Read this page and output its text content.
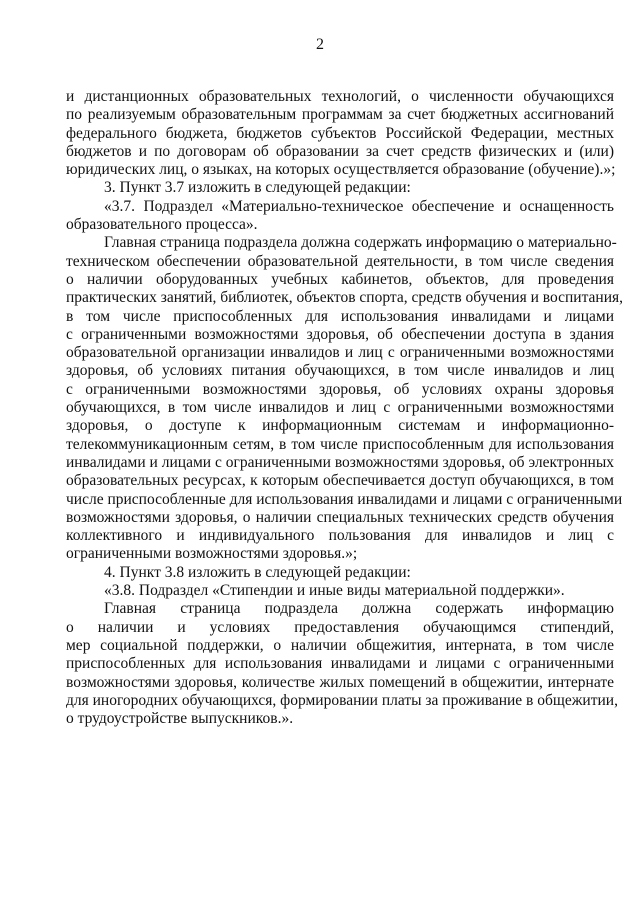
2
и дистанционных образовательных технологий, о численности обучающихся
по реализуемым образовательным программам за счет бюджетных ассигнований
федерального бюджета, бюджетов субъектов Российской Федерации, местных
бюджетов и по договорам об образовании за счет средств физических и (или)
юридических лиц, о языках, на которых осуществляется образование (обучение).»;
3. Пункт 3.7 изложить в следующей редакции:
«3.7. Подраздел «Материально-техническое обеспечение и оснащенность
образовательного процесса».
Главная страница подраздела должна содержать информацию о материально-
техническом обеспечении образовательной деятельности, в том числе сведения
о наличии оборудованных учебных кабинетов, объектов, для проведения
практических занятий, библиотек, объектов спорта, средств обучения и воспитания,
в том числе приспособленных для использования инвалидами и лицами
с ограниченными возможностями здоровья, об обеспечении доступа в здания
образовательной организации инвалидов и лиц с ограниченными возможностями
здоровья, об условиях питания обучающихся, в том числе инвалидов и лиц
с ограниченными возможностями здоровья, об условиях охраны здоровья
обучающихся, в том числе инвалидов и лиц с ограниченными возможностями
здоровья, о доступе к информационным системам и информационно-
телекоммуникационным сетям, в том числе приспособленным для использования
инвалидами и лицами с ограниченными возможностями здоровья, об электронных
образовательных ресурсах, к которым обеспечивается доступ обучающихся, в том
числе приспособленные для использования инвалидами и лицами с ограниченными
возможностями здоровья, о наличии специальных технических средств обучения
коллективного и индивидуального пользования для инвалидов и лиц с
ограниченными возможностями здоровья.»;
4. Пункт 3.8 изложить в следующей редакции:
«3.8. Подраздел «Стипендии и иные виды материальной поддержки».
Главная страница подраздела должна содержать информацию
о наличии и условиях предоставления обучающимся стипендий,
мер социальной поддержки, о наличии общежития, интерната, в том числе
приспособленных для использования инвалидами и лицами с ограниченными
возможностями здоровья, количестве жилых помещений в общежитии, интернате
для иногородних обучающихся, формировании платы за проживание в общежитии,
о трудоустройстве выпускников.».
